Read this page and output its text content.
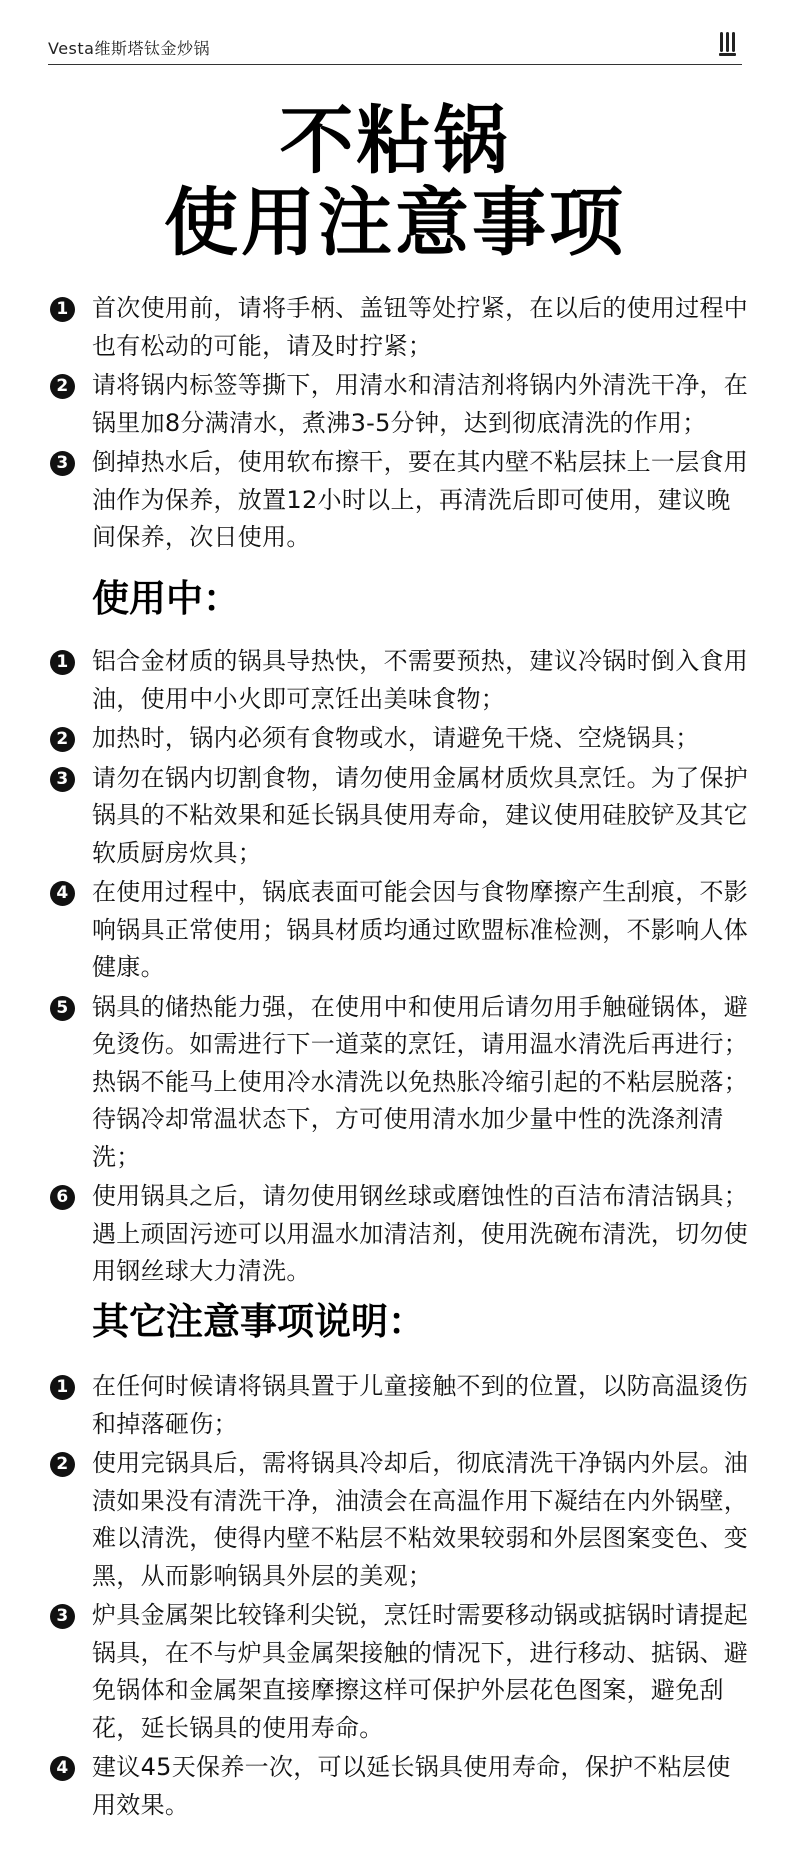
Vesta维斯塔钛金炒锅
不粘锅
使用注意事项
1 首次使用前，请将手柄、盖钮等处拧紧，在以后的使用过程中也有松动的可能，请及时拧紧；
2 请将锅内标签等撕下，用清水和清洁剂将锅内外清洗干净，在锅里加8分满清水，煮沸3-5分钟，达到彻底清洗的作用；
3 倒掉热水后，使用软布擦干，要在其内壁不粘层抹上一层食用油作为保养，放置12小时以上，再清洗后即可使用，建议晚间保养，次日使用。
使用中：
1 铝合金材质的锅具导热快，不需要预热，建议冷锅时倒入食用油，使用中小火即可烹饪出美味食物；
2 加热时，锅内必须有食物或水，请避免干烧、空烧锅具；
3 请勿在锅内切割食物，请勿使用金属材质炊具烹饪。为了保护锅具的不粘效果和延长锅具使用寿命，建议使用硅胶铲及其它软质厨房炊具；
4 在使用过程中，锅底表面可能会因与食物摩擦产生刮痕，不影响锅具正常使用；锅具材质均通过欧盟标准检测，不影响人体健康。
5 锅具的储热能力强，在使用中和使用后请勿用手触碰锅体，避免烫伤。如需进行下一道菜的烹饪，请用温水清洗后再进行；热锅不能马上使用冷水清洗以免热胀冷缩引起的不粘层脱落；待锅冷却常温状态下，方可使用清水加少量中性的洗涤剂清洗；
6 使用锅具之后，请勿使用钢丝球或磨蚀性的百洁布清洁锅具；遇上顽固污迹可以用温水加清洁剂，使用洗碗布清洗，切勿使用钢丝球大力清洗。
其它注意事项说明：
1 在任何时候请将锅具置于儿童接触不到的位置，以防高温烫伤和掉落砸伤；
2 使用完锅具后，需将锅具冷却后，彻底清洗干净锅内外层。油渍如果没有清洗干净，油渍会在高温作用下凝结在内外锅壁，难以清洗，使得内壁不粘层不粘效果较弱和外层图案变色、变黑，从而影响锅具外层的美观；
3 炉具金属架比较锋利尖锐，烹饪时需要移动锅或掂锅时请提起锅具，在不与炉具金属架接触的情况下，进行移动、掂锅、避免锅体和金属架直接摩擦这样可保护外层花色图案，避免刮花，延长锅具的使用寿命。
4 建议45天保养一次，可以延长锅具使用寿命，保护不粘层使用效果。
